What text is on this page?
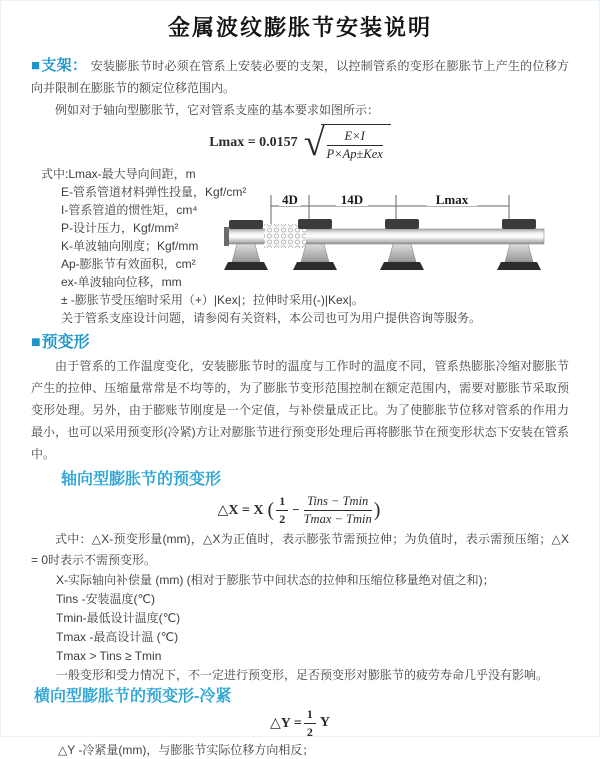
金属波纹膨胀节安装说明

■支架： 安装膨胀节时必须在管系上安装必要的支架，以控制管系的变形在膨胀节上产生的位移方向并限制在膨胀节的额定位移范围内。

例如对于轴向型膨胀节，它对管系支座的基本要求如图所示：

Lmax = 0.0157 √ $\frac{E\times I}{\text{P×Ap±Kex}}$
式中:Lmax-最大导向间距，m
E-管系管道材料弹性投量，Kgf/cm²
I-管系管道的惯性矩，cm⁴
P-设计压力，Kgf/mm²
K-单波轴向刚度；Kgf/mm
Ap-膨胀节有效面积，cm²
ex-单波轴向位移，mm
± -膨胀节受压缩时采用（+）|Kex|；拉伸时采用(-)|Kex|。
关于管系支座设计问题，请参阅有关资料，本公司也可为用户提供咨询等服务。
4D	14D	Lmax
■预变形

由于管系的工作温度变化，安装膨胀节时的温度与工作时的温度不同，管系热膨胀冷缩对膨胀节产生的拉伸、压缩量常常是不均等的，为了膨胀节变形范围控制在额定范围内，需要对膨胀节采取预变形处理。另外，由于膨账节刚度是一个定值，与补偿量成正比。为了使膨胀节位移对管系的作用力最小，也可以采用预变形(冷紧)方让对膨胀节进行预变形处理后再将膨胀节在预变形状态下安装在管系中。

轴向型膨胀节的预变形
△X = X ( $\frac{1}{2} - \frac{\text{Tins − Tmin}}{Tmax - Tmin}$ )

式中：△X-预变形量(mm)，△X为正值时，表示膨张节需预拉伸；为负值时，表示需预压缩；△X = 0时表示不需预变形。

X-实际轴向补偿量 (mm) (相对于膨胀节中间状态的拉伸和压缩位移量绝对值之和)；
Tins -安装温度(℃)
Tmin-最低设计温度(℃)
Tmax -最高设计温 (℃)
Tmax > Tins ≥ Tmin
一般变形和受力情况下，不一定进行预变形，足否预变形对膨胀节的疲劳寿命几乎没有影响。
横向型膨胀节的预变形-冷紧
△Y = $\frac{1}{2}$ Y
△Y -冷紧量(mm)，与膨胀节实际位移方向相反；
